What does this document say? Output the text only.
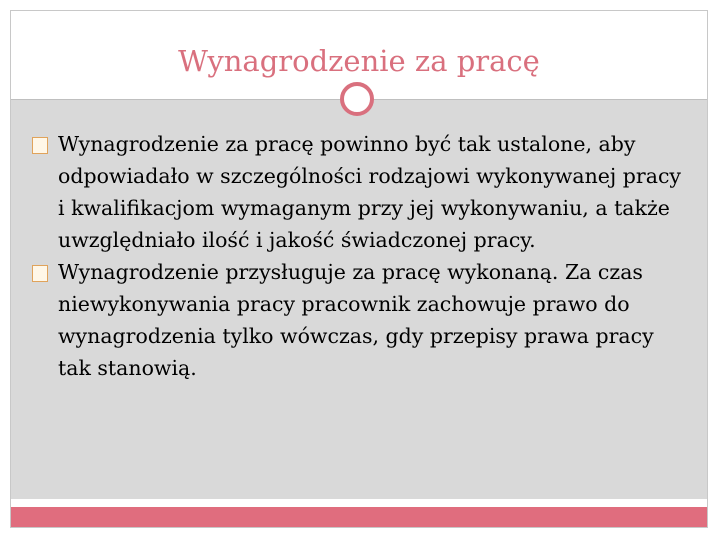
Wynagrodzenie za pracę
Wynagrodzenie za pracę powinno być tak ustalone, aby odpowiadało w szczególności rodzajowi wykonywanej pracy i kwalifikacjom wymaganym przy jej wykonywaniu, a także uwzględniało ilość i jakość świadczonej pracy.
Wynagrodzenie przysługuje za pracę wykonaną. Za czas niewykonywania pracy pracownik zachowuje prawo do wynagrodzenia tylko wówczas, gdy przepisy prawa pracy tak stanowią.
